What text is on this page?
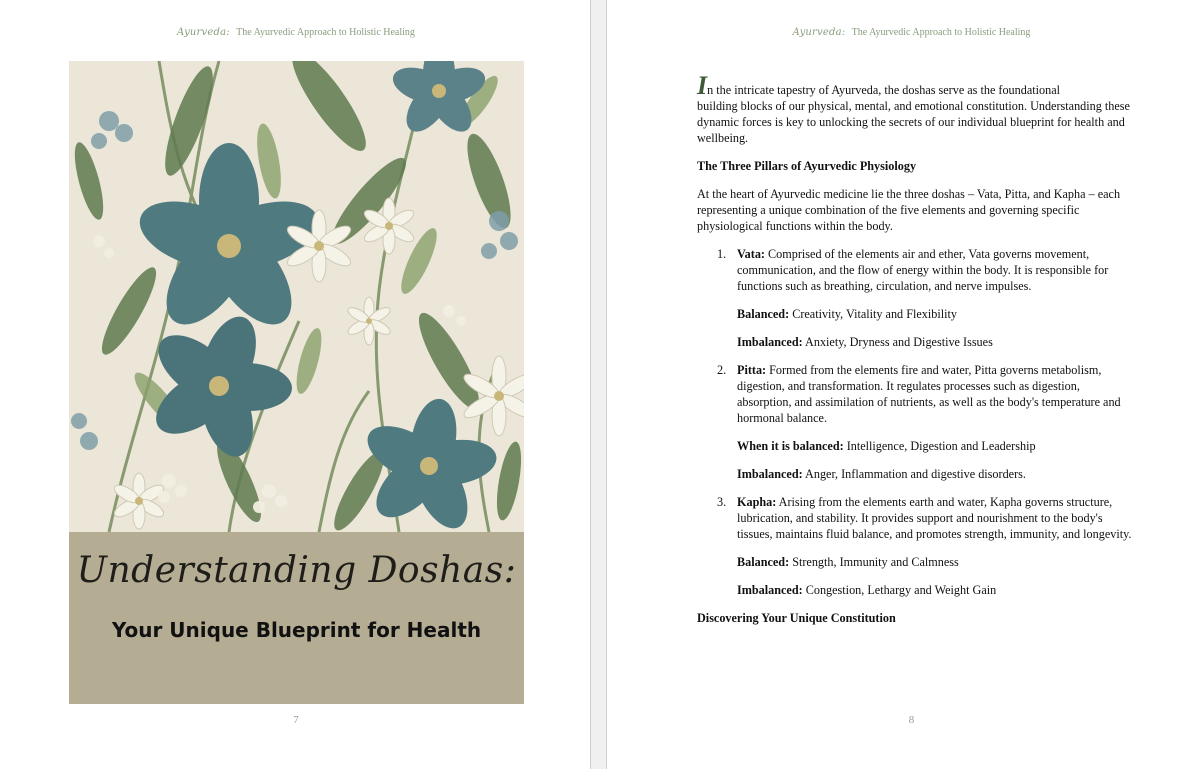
Ayurveda: The Ayurvedic Approach to Holistic Healing
Understanding Doshas:
Your Unique Blueprint for Health
7
Ayurveda: The Ayurvedic Approach to Holistic Healing

In the intricate tapestry of Ayurveda, the doshas serve as the foundational
building blocks of our physical, mental, and emotional constitution. Understanding these dynamic forces is key to unlocking the secrets of our individual blueprint for health and wellbeing.

The Three Pillars of Ayurvedic Physiology

At the heart of Ayurvedic medicine lie the three doshas – Vata, Pitta, and Kapha – each representing a unique combination of the five elements and governing specific physiological functions within the body.

1. Vata: Comprised of the elements air and ether, Vata governs movement, communication, and the flow of energy within the body. It is responsible for functions such as breathing, circulation, and nerve impulses.

Balanced: Creativity, Vitality and Flexibility

Imbalanced: Anxiety, Dryness and Digestive Issues

2. Pitta: Formed from the elements fire and water, Pitta governs metabolism, digestion, and transformation. It regulates processes such as digestion, absorption, and assimilation of nutrients, as well as the body's temperature and hormonal balance.

When it is balanced: Intelligence, Digestion and Leadership

Imbalanced: Anger, Inflammation and digestive disorders.

3. Kapha: Arising from the elements earth and water, Kapha governs structure, lubrication, and stability. It provides support and nourishment to the body's tissues, maintains fluid balance, and promotes strength, immunity, and longevity.

Balanced: Strength, Immunity and Calmness

Imbalanced: Congestion, Lethargy and Weight Gain

Discovering Your Unique Constitution

8
